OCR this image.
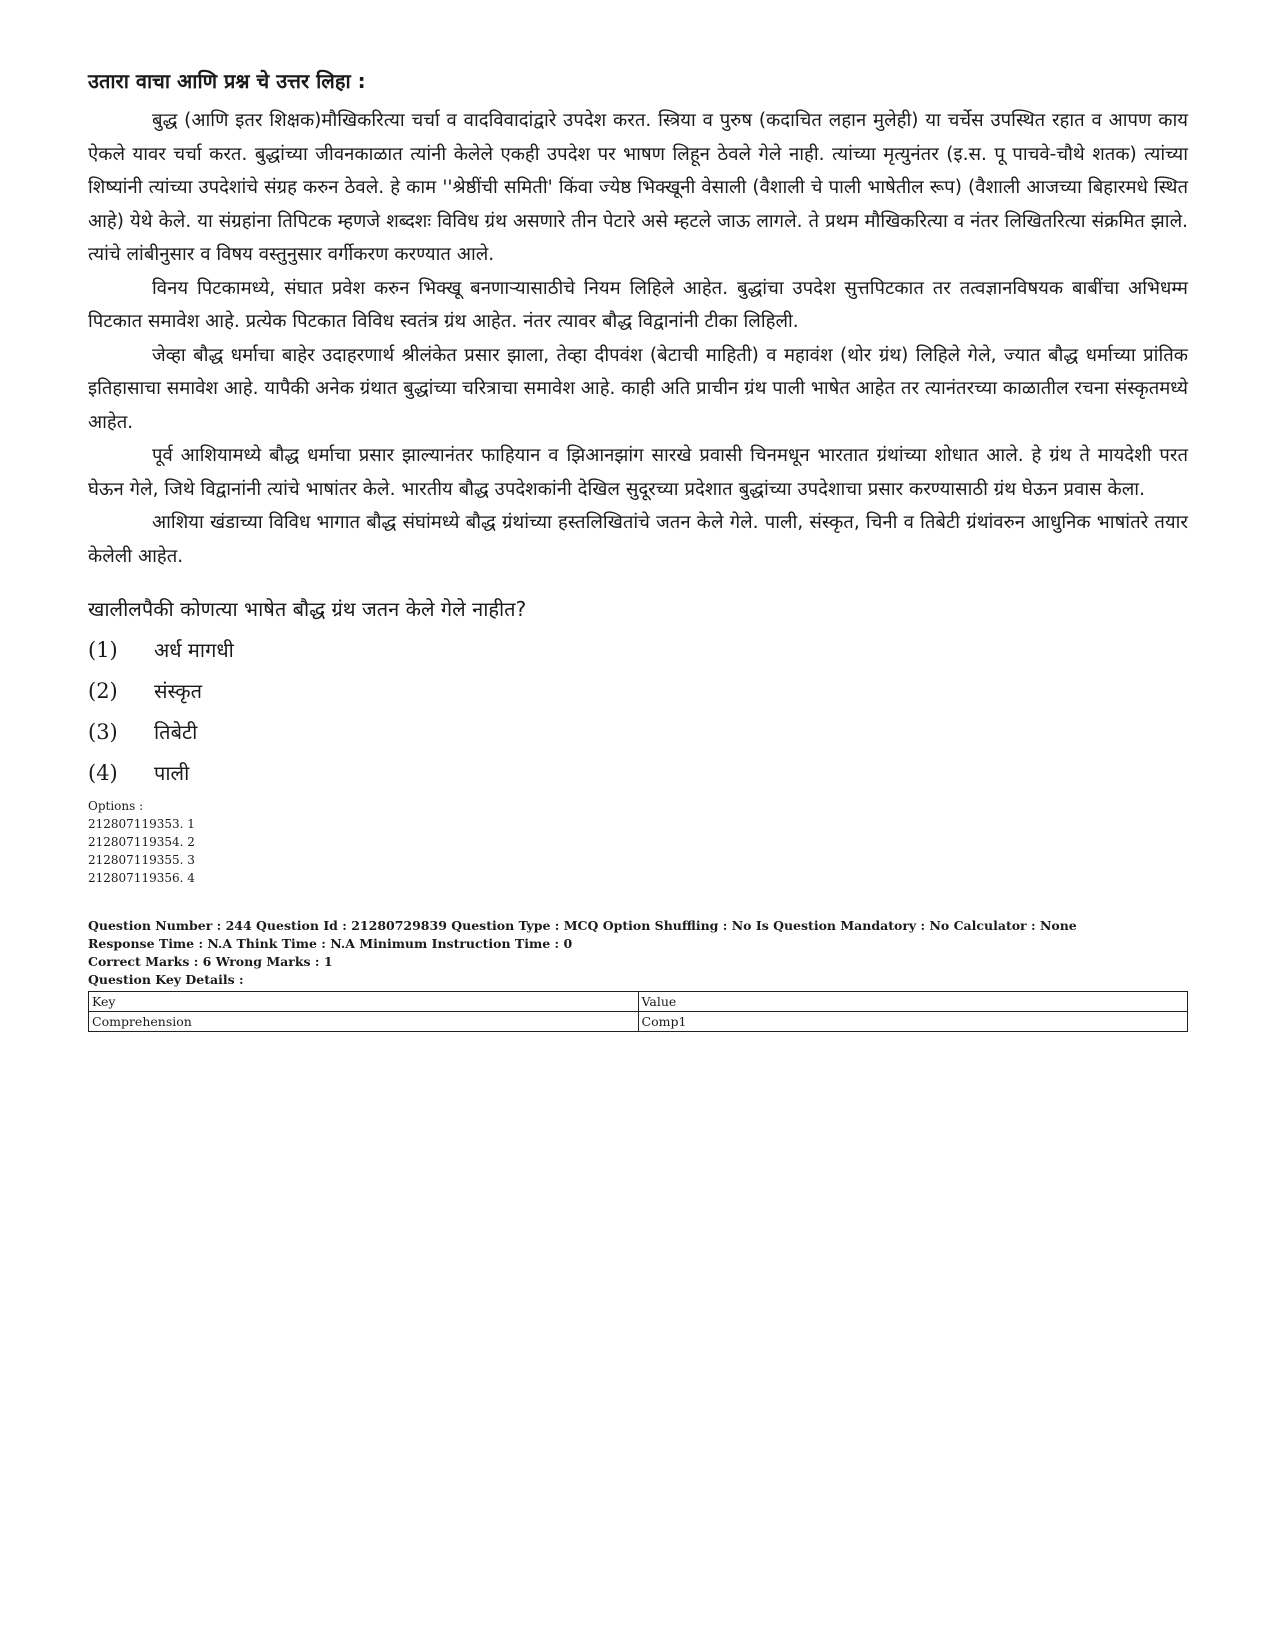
उतारा वाचा आणि प्रश्न चे उत्तर लिहा :

बुद्ध (आणि इतर शिक्षक)मौखिकरित्या चर्चा व वादविवादांद्वारे उपदेश करत. स्त्रिया व पुरुष (कदाचित लहान मुलेही) या चर्चेस उपस्थित रहात व आपण काय ऐकले यावर चर्चा करत. बुद्धांच्या जीवनकाळात त्यांनी केलेले एकही उपदेश पर भाषण लिहून ठेवले गेले नाही. त्यांच्या मृत्युनंतर (इ.स. पू पाचवे-चौथे शतक) त्यांच्या शिष्यांनी त्यांच्या उपदेशांचे संग्रह करुन ठेवले. हे काम ''श्रेष्ठींची समिती' किंवा ज्येष्ठ भिक्खूनी वेसाली (वैशाली चे पाली भाषेतील रूप) (वैशाली आजच्या बिहारमधे स्थित आहे) येथे केले. या संग्रहांना तिपिटक म्हणजे शब्दशः विविध ग्रंथ असणारे तीन पेटारे असे म्हटले जाऊ लागले. ते प्रथम मौखिकरित्या व नंतर लिखितरित्या संक्रमित झाले. त्यांचे लांबीनुसार व विषय वस्तुनुसार वर्गीकरण करण्यात आले.

विनय पिटकामध्ये, संघात प्रवेश करुन भिक्खू बनणाऱ्यासाठीचे नियम लिहिले आहेत. बुद्धांचा उपदेश सुत्तपिटकात तर तत्वज्ञानविषयक बाबींचा अभिधम्म पिटकात समावेश आहे. प्रत्येक पिटकात विविध स्वतंत्र ग्रंथ आहेत. नंतर त्यावर बौद्ध विद्वानांनी टीका लिहिली.

जेव्हा बौद्ध धर्माचा बाहेर उदाहरणार्थ श्रीलंकेत प्रसार झाला, तेव्हा दीपवंश (बेटाची माहिती) व महावंश (थोर ग्रंथ) लिहिले गेले, ज्यात बौद्ध धर्माच्या प्रांतिक इतिहासाचा समावेश आहे. यापैकी अनेक ग्रंथात बुद्धांच्या चरित्राचा समावेश आहे. काही अति प्राचीन ग्रंथ पाली भाषेत आहेत तर त्यानंतरच्या काळातील रचना संस्कृतमध्ये आहेत.

पूर्व आशियामध्ये बौद्ध धर्माचा प्रसार झाल्यानंतर फाहियान व झिआनझांग सारखे प्रवासी चिनमधून भारतात ग्रंथांच्या शोधात आले. हे ग्रंथ ते मायदेशी परत घेऊन गेले, जिथे विद्वानांनी त्यांचे भाषांतर केले. भारतीय बौद्ध उपदेशकांनी देखिल सुदूरच्या प्रदेशात बुद्धांच्या उपदेशाचा प्रसार करण्यासाठी ग्रंथ घेऊन प्रवास केला.

आशिया खंडाच्या विविध भागात बौद्ध संघांमध्ये बौद्ध ग्रंथांच्या हस्तलिखितांचे जतन केले गेले. पाली, संस्कृत, चिनी व तिबेटी ग्रंथांवरुन आधुनिक भाषांतरे तयार केलेली आहेत.

खालीलपैकी कोणत्या भाषेत बौद्ध ग्रंथ जतन केले गेले नाहीत?
(1)	अर्ध मागधी
(2)	संस्कृत
(3)	तिबेटी
(4)	पाली
Options :
212807119353. 1
212807119354. 2
212807119355. 3
212807119356. 4
Question Number : 244 Question Id : 21280729839 Question Type : MCQ Option Shuffling : No Is Question Mandatory : No Calculator : None
Response Time : N.A Think Time : N.A Minimum Instruction Time : 0
Correct Marks : 6 Wrong Marks : 1
Question Key Details :
Key	Value
Comprehension	Comp1
